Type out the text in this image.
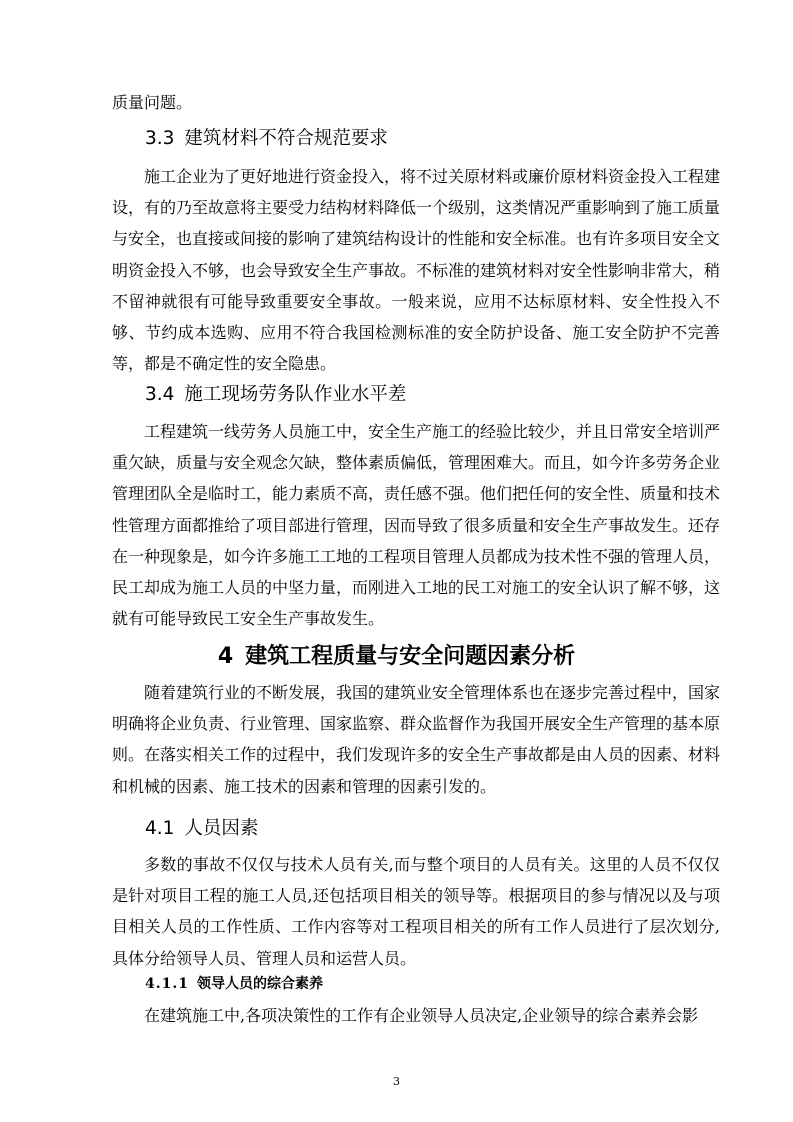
质量问题。

3.3 建筑材料不符合规范要求

施工企业为了更好地进行资金投入，将不过关原材料或廉价原材料资金投入工程建设，有的乃至故意将主要受力结构材料降低一个级别，这类情况严重影响到了施工质量与安全，也直接或间接的影响了建筑结构设计的性能和安全标准。也有许多项目安全文明资金投入不够，也会导致安全生产事故。不标准的建筑材料对安全性影响非常大，稍不留神就很有可能导致重要安全事故。一般来说，应用不达标原材料、安全性投入不够、节约成本选购、应用不符合我国检测标准的安全防护设备、施工安全防护不完善等，都是不确定性的安全隐患。

3.4 施工现场劳务队作业水平差

工程建筑一线劳务人员施工中，安全生产施工的经验比较少，并且日常安全培训严重欠缺，质量与安全观念欠缺，整体素质偏低，管理困难大。而且，如今许多劳务企业管理团队全是临时工，能力素质不高，责任感不强。他们把任何的安全性、质量和技术性管理方面都推给了项目部进行管理，因而导致了很多质量和安全生产事故发生。还存在一种现象是，如今许多施工工地的工程项目管理人员都成为技术性不强的管理人员，民工却成为施工人员的中坚力量，而刚进入工地的民工对施工的安全认识了解不够，这就有可能导致民工安全生产事故发生。

4 建筑工程质量与安全问题因素分析

随着建筑行业的不断发展，我国的建筑业安全管理体系也在逐步完善过程中，国家明确将企业负责、行业管理、国家监察、群众监督作为我国开展安全生产管理的基本原则。在落实相关工作的过程中，我们发现许多的安全生产事故都是由人员的因素、材料和机械的因素、施工技术的因素和管理的因素引发的。

4.1 人员因素

多数的事故不仅仅与技术人员有关,而与整个项目的人员有关。这里的人员不仅仅是针对项目工程的施工人员,还包括项目相关的领导等。根据项目的参与情况以及与项目相关人员的工作性质、工作内容等对工程项目相关的所有工作人员进行了层次划分,具体分给领导人员、管理人员和运营人员。

4.1.1 领导人员的综合素养

在建筑施工中,各项决策性的工作有企业领导人员决定,企业领导的综合素养会影

3
